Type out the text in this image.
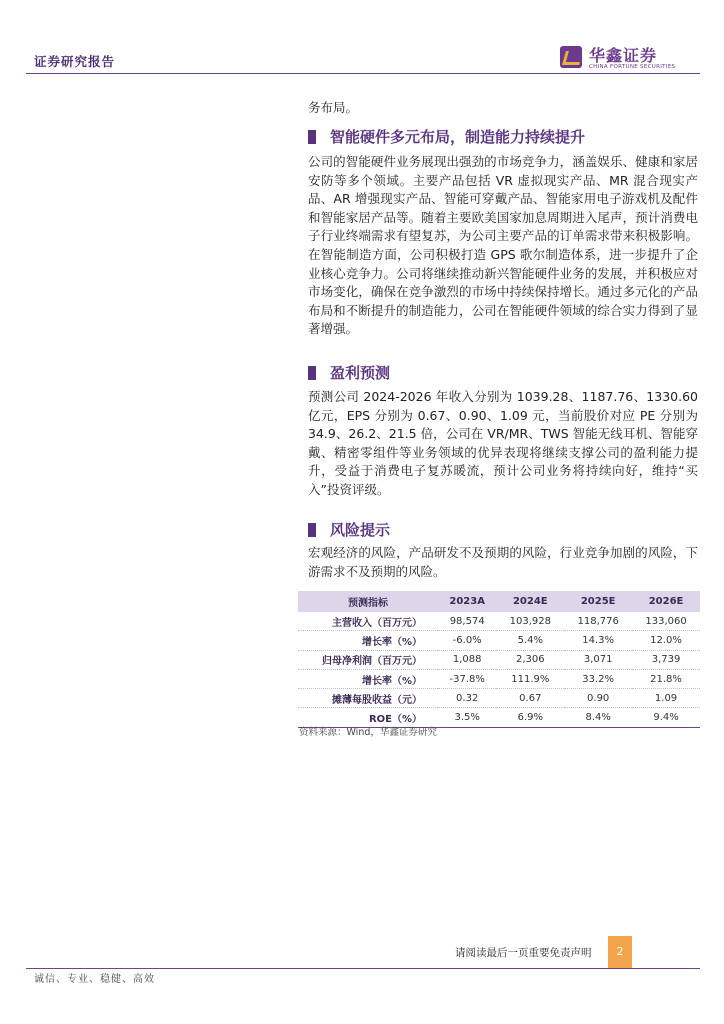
证券研究报告	华鑫证券
CHINA FORTUNE SECURITIES
务布局。
智能硬件多元布局，制造能力持续提升
公司的智能硬件业务展现出强劲的市场竞争力，涵盖娱乐、健康和家居安防等多个领域。主要产品包括 VR 虚拟现实产品、MR 混合现实产品、AR 增强现实产品、智能可穿戴产品、智能家用电子游戏机及配件和智能家居产品等。随着主要欧美国家加息周期进入尾声，预计消费电子行业终端需求有望复苏，为公司主要产品的订单需求带来积极影响。在智能制造方面，公司积极打造 GPS 歌尔制造体系，进一步提升了企业核心竞争力。公司将继续推动新兴智能硬件业务的发展，并积极应对市场变化，确保在竞争激烈的市场中持续保持增长。通过多元化的产品布局和不断提升的制造能力，公司在智能硬件领域的综合实力得到了显著增强。
盈利预测
预测公司 2024-2026 年收入分别为 1039.28、1187.76、1330.60 亿元，EPS 分别为 0.67、0.90、1.09 元，当前股价对应 PE 分别为 34.9、26.2、21.5 倍，公司在 VR/MR、TWS 智能无线耳机、智能穿戴、精密零组件等业务领域的优异表现将继续支撑公司的盈利能力提升，受益于消费电子复苏暖流，预计公司业务将持续向好，维持“买入”投资评级。
风险提示
宏观经济的风险，产品研发不及预期的风险，行业竞争加剧的风险，下游需求不及预期的风险。
预测指标	2023A	2024E	2025E	2026E
主营收入（百万元）	98,574	103,928	118,776	133,060
增长率（%）	-6.0%	5.4%	14.3%	12.0%
归母净利润（百万元）	1,088	2,306	3,071	3,739
增长率（%）	-37.8%	111.9%	33.2%	21.8%
摊薄每股收益（元）	0.32	0.67	0.90	1.09
ROE（%）	3.5%	6.9%	8.4%	9.4%
资料来源：Wind，华鑫证券研究
请阅读最后一页重要免责声明	2
诚信、专业、稳健、高效
